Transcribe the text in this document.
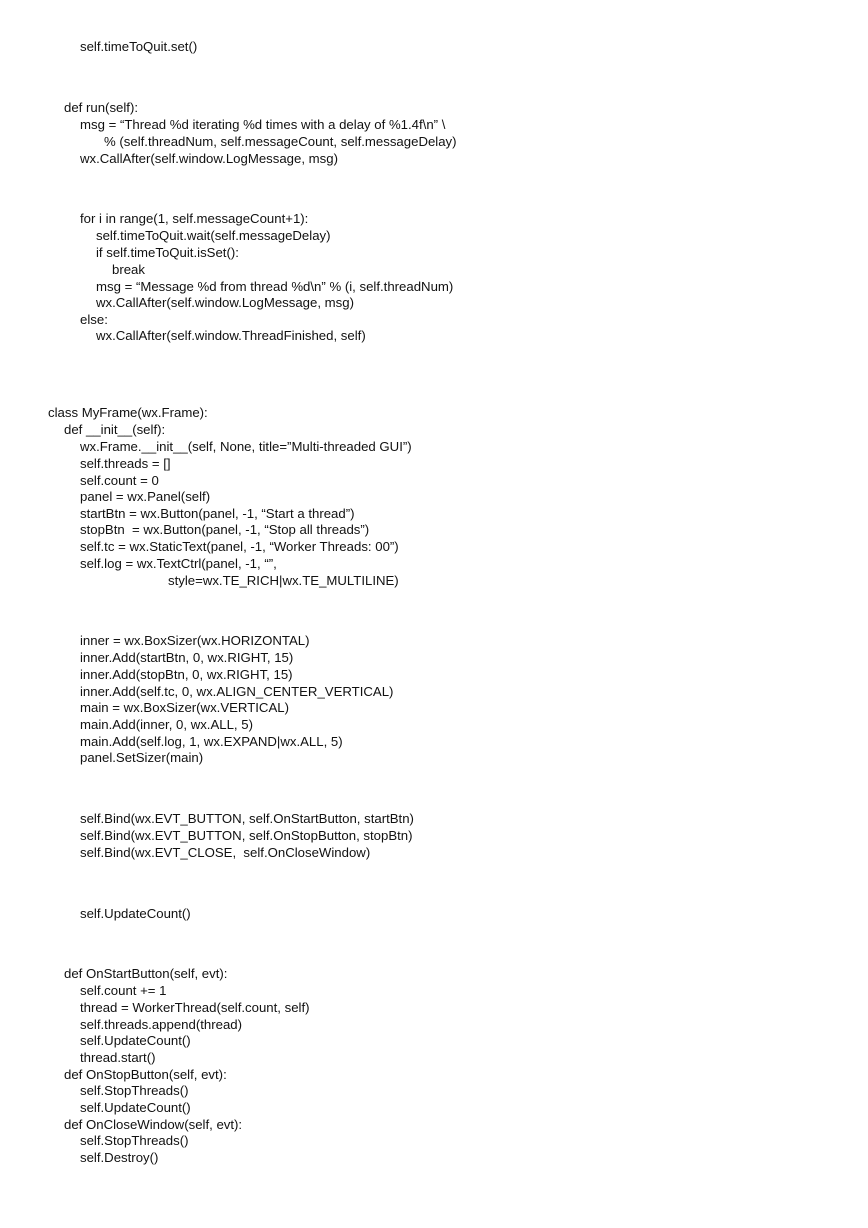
self.timeToQuit.set()
def run(self):
msg = “Thread %d iterating %d times with a delay of %1.4f\n” \
% (self.threadNum, self.messageCount, self.messageDelay)
wx.CallAfter(self.window.LogMessage, msg)
for i in range(1, self.messageCount+1):
self.timeToQuit.wait(self.messageDelay)
if self.timeToQuit.isSet():
break
msg = “Message %d from thread %d\n” % (i, self.threadNum)
wx.CallAfter(self.window.LogMessage, msg)
else:
wx.CallAfter(self.window.ThreadFinished, self)
class MyFrame(wx.Frame):
def __init__(self):
wx.Frame.__init__(self, None, title=”Multi-threaded GUI”)
self.threads = []
self.count = 0
panel = wx.Panel(self)
startBtn = wx.Button(panel, -1, “Start a thread”)
stopBtn  = wx.Button(panel, -1, “Stop all threads”)
self.tc = wx.StaticText(panel, -1, “Worker Threads: 00”)
self.log = wx.TextCtrl(panel, -1, “”,
style=wx.TE_RICH|wx.TE_MULTILINE)
inner = wx.BoxSizer(wx.HORIZONTAL)
inner.Add(startBtn, 0, wx.RIGHT, 15)
inner.Add(stopBtn, 0, wx.RIGHT, 15)
inner.Add(self.tc, 0, wx.ALIGN_CENTER_VERTICAL)
main = wx.BoxSizer(wx.VERTICAL)
main.Add(inner, 0, wx.ALL, 5)
main.Add(self.log, 1, wx.EXPAND|wx.ALL, 5)
panel.SetSizer(main)
self.Bind(wx.EVT_BUTTON, self.OnStartButton, startBtn)
self.Bind(wx.EVT_BUTTON, self.OnStopButton, stopBtn)
self.Bind(wx.EVT_CLOSE,  self.OnCloseWindow)
self.UpdateCount()
def OnStartButton(self, evt):
self.count += 1
thread = WorkerThread(self.count, self)
self.threads.append(thread)
self.UpdateCount()
thread.start()
def OnStopButton(self, evt):
self.StopThreads()
self.UpdateCount()
def OnCloseWindow(self, evt):
self.StopThreads()
self.Destroy()
